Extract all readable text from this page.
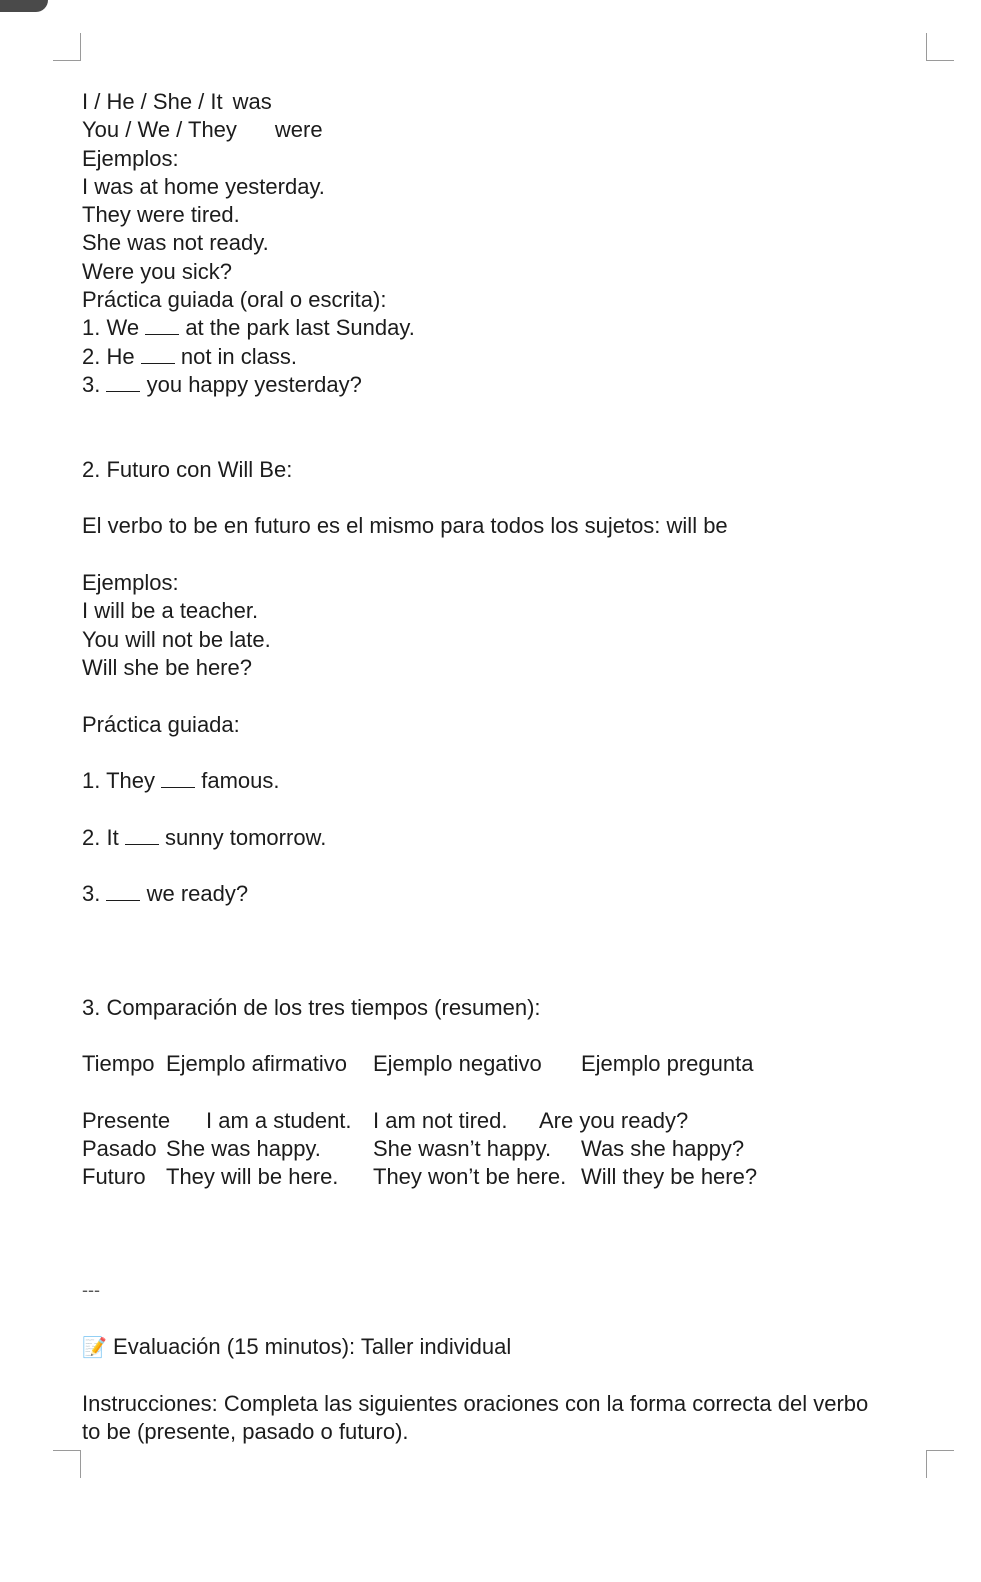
I / He / She / It was
You / We / They were
Ejemplos:
I was at home yesterday.
They were tired.
She was not ready.
Were you sick?
Práctica guiada (oral o escrita):
1. We at the park last Sunday.
2. He not in class.
3. you happy yesterday?
2. Futuro con Will Be:
El verbo to be en futuro es el mismo para todos los sujetos: will be
Ejemplos:
I will be a teacher.
You will not be late.
Will she be here?
Práctica guiada:
1. They famous.
2. It sunny tomorrow.
3. we ready?
3. Comparación de los tres tiempos (resumen):
Tiempo Ejemplo afirmativo	Ejemplo negativo	Ejemplo pregunta
Presente	I am a student. I am not tired.	Are you ready?
Pasado She was happy.	She wasn’t happy.	Was she happy?
Futuro They will be here.	They won’t be here. Will they be here?
---
📝 Evaluación (15 minutos): Taller individual
Instrucciones: Completa las siguientes oraciones con la forma correcta del verbo to be (presente, pasado o futuro).
